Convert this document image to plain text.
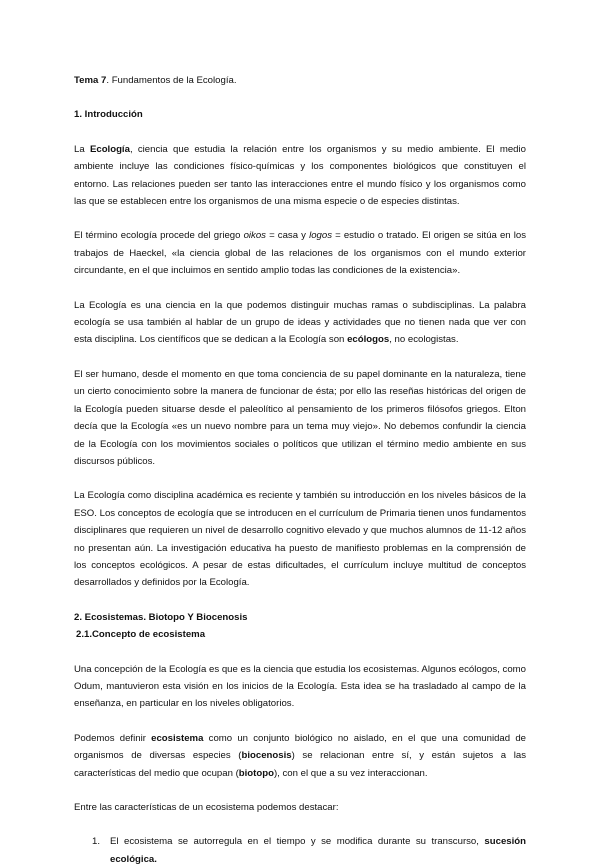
Tema 7. Fundamentos de la Ecología.

1. Introducción

La Ecología, ciencia que estudia la relación entre los organismos y su medio ambiente. El medio ambiente incluye las condiciones físico-químicas y los componentes biológicos que constituyen el entorno. Las relaciones pueden ser tanto las interacciones entre el mundo físico y los organismos como las que se establecen entre los organismos de una misma especie o de especies distintas.

El término ecología procede del griego oikos = casa y logos = estudio o tratado. El origen se sitúa en los trabajos de Haeckel, «la ciencia global de las relaciones de los organismos con el mundo exterior circundante, en el que incluimos en sentido amplio todas las condiciones de la existencia».

La Ecología es una ciencia en la que podemos distinguir muchas ramas o subdisciplinas. La palabra ecología se usa también al hablar de un grupo de ideas y actividades que no tienen nada que ver con esta disciplina. Los científicos que se dedican a la Ecología son ecólogos, no ecologistas.

El ser humano, desde el momento en que toma conciencia de su papel dominante en la naturaleza, tiene un cierto conocimiento sobre la manera de funcionar de ésta; por ello las reseñas históricas del origen de la Ecología pueden situarse desde el paleolítico al pensamiento de los primeros filósofos griegos. Elton decía que la Ecología «es un nuevo nombre para un tema muy viejo». No debemos confundir la ciencia de la Ecología con los movimientos sociales o políticos que utilizan el término medio ambiente en sus discursos públicos.

La Ecología como disciplina académica es reciente y también su introducción en los niveles básicos de la ESO. Los conceptos de ecología que se introducen en el currículum de Primaria tienen unos fundamentos disciplinares que requieren un nivel de desarrollo cognitivo elevado y que muchos alumnos de 11-12 años no presentan aún. La investigación educativa ha puesto de manifiesto problemas en la comprensión de los conceptos ecológicos. A pesar de estas dificultades, el currículum incluye multitud de conceptos desarrollados y definidos por la Ecología.

2. Ecosistemas. Biotopo Y Biocenosis

2.1.Concepto de ecosistema

Una concepción de la Ecología es que es la ciencia que estudia los ecosistemas. Algunos ecólogos, como Odum, mantuvieron esta visión en los inicios de la Ecología. Esta idea se ha trasladado al campo de la enseñanza, en particular en los niveles obligatorios.

Podemos definir ecosistema como un conjunto biológico no aislado, en el que una comunidad de organismos de diversas especies (biocenosis) se relacionan entre sí, y están sujetos a las características del medio que ocupan (biotopo), con el que a su vez interaccionan.

Entre las características de un ecosistema podemos destacar:

1.	El ecosistema se autorregula en el tiempo y se modifica durante su transcurso, sucesión ecológica.
